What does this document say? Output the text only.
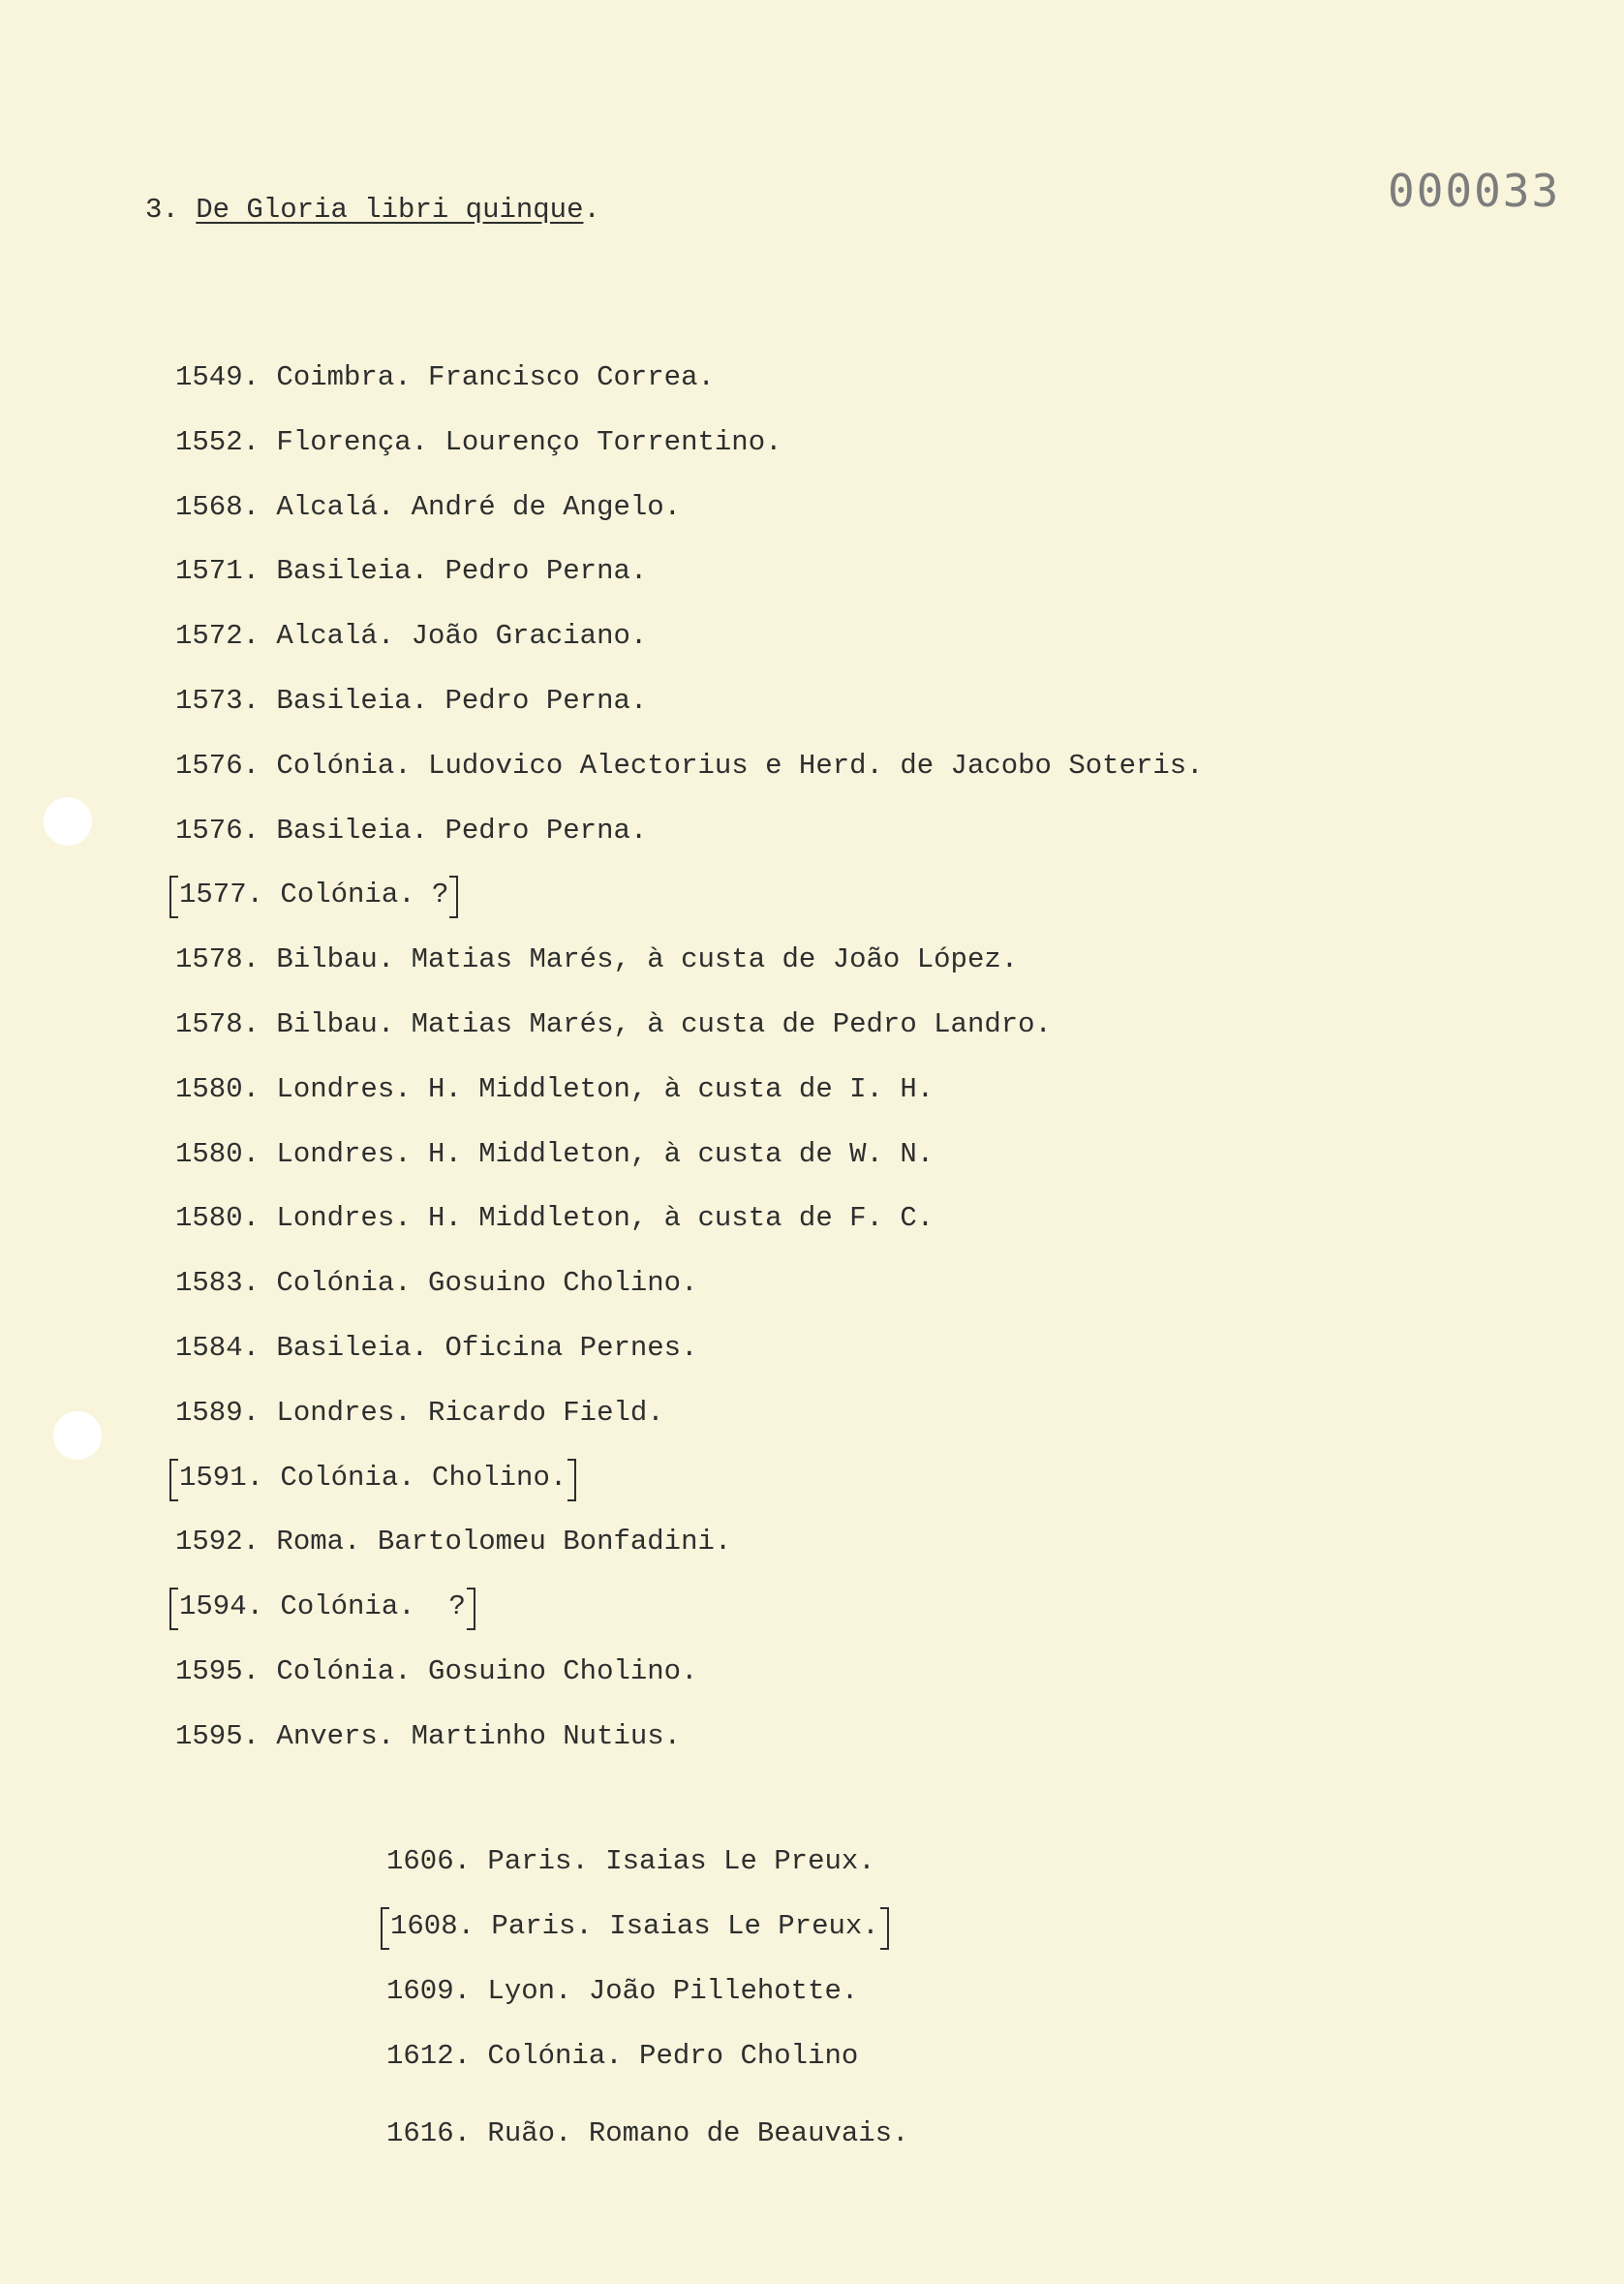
000033
3. De Gloria libri quinque.
1549. Coimbra. Francisco Correa.
1552. Florença. Lourenço Torrentino.
1568. Alcalá. André de Angelo.
1571. Basileia. Pedro Perna.
1572. Alcalá. João Graciano.
1573. Basileia. Pedro Perna.
1576. Colónia. Ludovico Alectorius e Herd. de Jacobo Soteris.
1576. Basileia. Pedro Perna.
1577. Colónia. ?
1578. Bilbau. Matias Marés, à custa de João López.
1578. Bilbau. Matias Marés, à custa de Pedro Landro.
1580. Londres. H. Middleton, à custa de I. H.
1580. Londres. H. Middleton, à custa de W. N.
1580. Londres. H. Middleton, à custa de F. C.
1583. Colónia. Gosuino Cholino.
1584. Basileia. Oficina Pernes.
1589. Londres. Ricardo Field.
1591. Colónia. Cholino.
1592. Roma. Bartolomeu Bonfadini.
1594. Colónia.  ?
1595. Colónia. Gosuino Cholino.
1595. Anvers. Martinho Nutius.
1606. Paris. Isaias Le Preux.
1608. Paris. Isaias Le Preux.
1609. Lyon. João Pillehotte.
1612. Colónia. Pedro Cholino
1616. Ruão. Romano de Beauvais.
